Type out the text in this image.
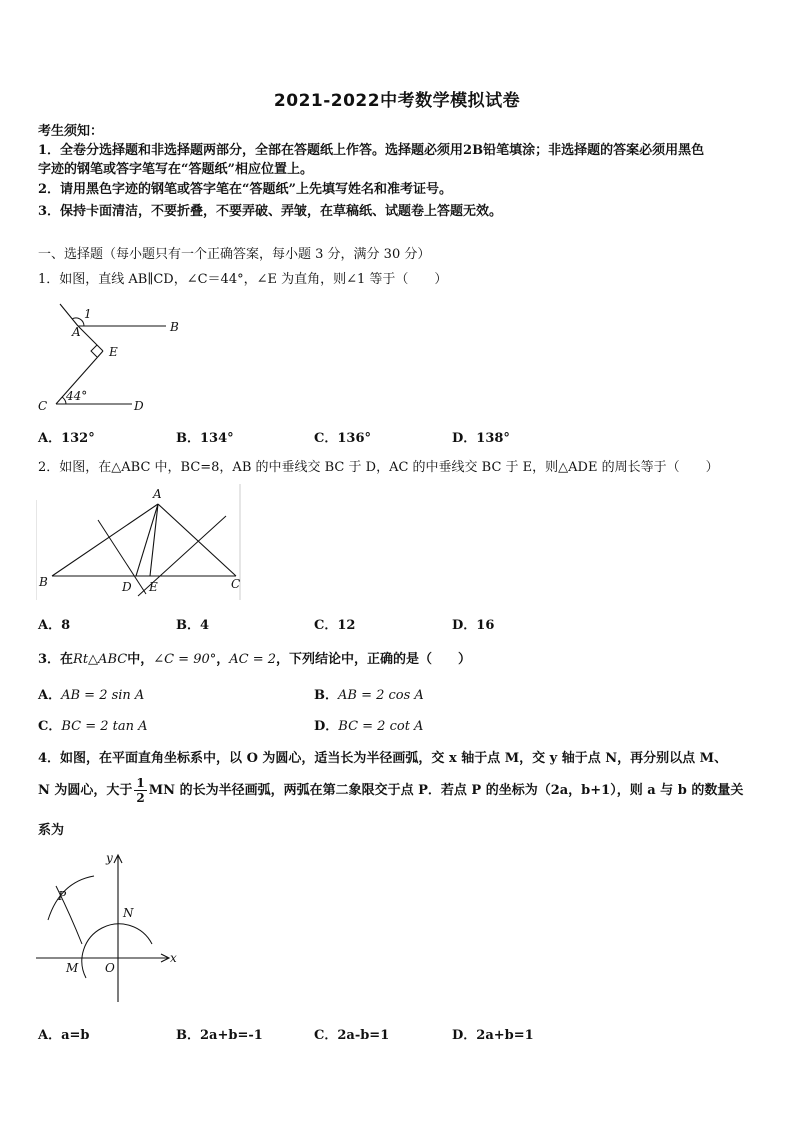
2021-2022中考数学模拟试卷
考生须知：
1．全卷分选择题和非选择题两部分，全部在答题纸上作答。选择题必须用2B铅笔填涂；非选择题的答案必须用黑色
字迹的钢笔或答字笔写在“答题纸”相应位置上。
2．请用黑色字迹的钢笔或答字笔在“答题纸”上先填写姓名和准考证号。
3．保持卡面清洁，不要折叠，不要弄破、弄皱，在草稿纸、试题卷上答题无效。
一、选择题（每小题只有一个正确答案，每小题 3 分，满分 30 分）
1．如图，直线 AB∥CD，∠C＝44°，∠E 为直角，则∠1 等于（　　）
1
A	B
E
C	D
44°
A．132°	B．134°	C．136°	D．138°
2．如图，在△ABC 中，BC=8，AB 的中垂线交 BC 于 D，AC 的中垂线交 BC 于 E，则△ADE 的周长等于（　　）
A
B	C
D E
A．8	B．4	C．12	D．16
3．在Rt△ABC中，∠C = 90°，AC = 2，下列结论中，正确的是（　　）
A．AB = 2 sin A	B．AB = 2 cos A
C．BC = 2 tan A	D．BC = 2 cot A
4．如图，在平面直角坐标系中，以 O 为圆心，适当长为半径画弧，交 x 轴于点 M，交 y 轴于点 N，再分别以点 M、
N 为圆心，大于 $\frac{1}{2}$ MN 的长为半径画弧，两弧在第二象限交于点 P．若点 P 的坐标为（2a，b+1），则 a 与 b 的数量关
系为
y
x
P
N
M O
A．a=b	B．2a+b=-1	C．2a-b=1	D．2a+b=1
